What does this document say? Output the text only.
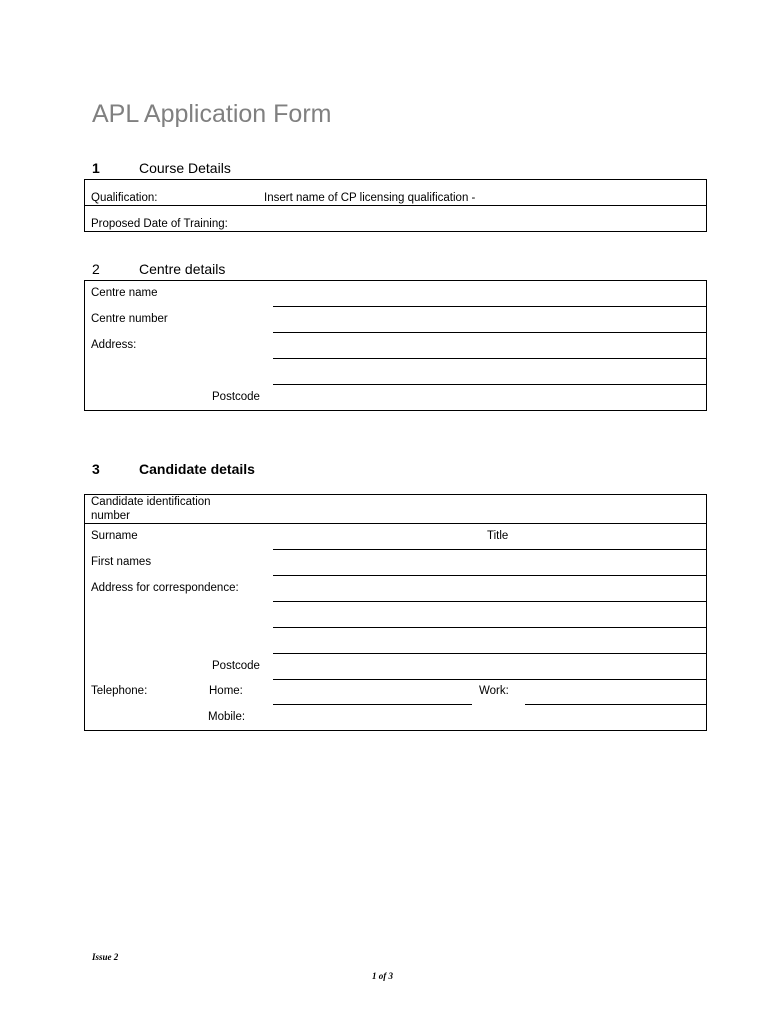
APL Application Form
1	Course Details
Qualification:	Insert name of CP licensing qualification -
Proposed Date of Training:
2	Centre details
Centre name
Centre number
Address:
Postcode
3	Candidate details
Candidate identification
number
Surname	Title
First names
Address for correspondence:
Postcode
Telephone:	Home:	Work:
Mobile:
Issue 2
1 of 3
